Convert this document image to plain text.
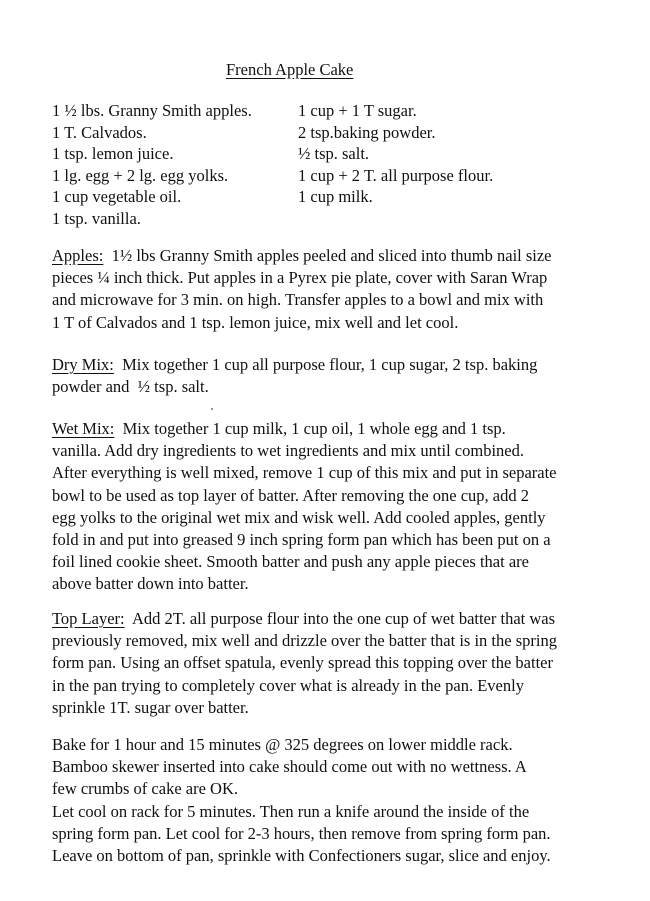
French Apple Cake
1 ½ lbs. Granny Smith apples.
1 T. Calvados.
1 tsp. lemon juice.
1 lg. egg + 2 lg. egg yolks.
1 cup vegetable oil.
1 tsp. vanilla.
1 cup + 1 T sugar.
2 tsp.baking powder.
½ tsp. salt.
1 cup + 2 T. all purpose flour.
1 cup milk.
Apples:  1½ lbs Granny Smith apples peeled and sliced into thumb nail size
pieces ¼ inch thick. Put apples in a Pyrex pie plate, cover with Saran Wrap
and microwave for 3 min. on high. Transfer apples to a bowl and mix with
1 T of Calvados and 1 tsp. lemon juice, mix well and let cool.
Dry Mix:  Mix together 1 cup all purpose flour, 1 cup sugar, 2 tsp. baking
powder and  ½ tsp. salt.
Wet Mix:  Mix together 1 cup milk, 1 cup oil, 1 whole egg and 1 tsp.
vanilla. Add dry ingredients to wet ingredients and mix until combined.
After everything is well mixed, remove 1 cup of this mix and put in separate
bowl to be used as top layer of batter. After removing the one cup, add 2
egg yolks to the original wet mix and wisk well. Add cooled apples, gently
fold in and put into greased 9 inch spring form pan which has been put on a
foil lined cookie sheet. Smooth batter and push any apple pieces that are
above batter down into batter.
Top Layer:  Add 2T. all purpose flour into the one cup of wet batter that was
previously removed, mix well and drizzle over the batter that is in the spring
form pan. Using an offset spatula, evenly spread this topping over the batter
in the pan trying to completely cover what is already in the pan. Evenly
sprinkle 1T. sugar over batter.
Bake for 1 hour and 15 minutes @ 325 degrees on lower middle rack.
Bamboo skewer inserted into cake should come out with no wettness. A
few crumbs of cake are OK.
Let cool on rack for 5 minutes. Then run a knife around the inside of the
spring form pan. Let cool for 2-3 hours, then remove from spring form pan.
Leave on bottom of pan, sprinkle with Confectioners sugar, slice and enjoy.
